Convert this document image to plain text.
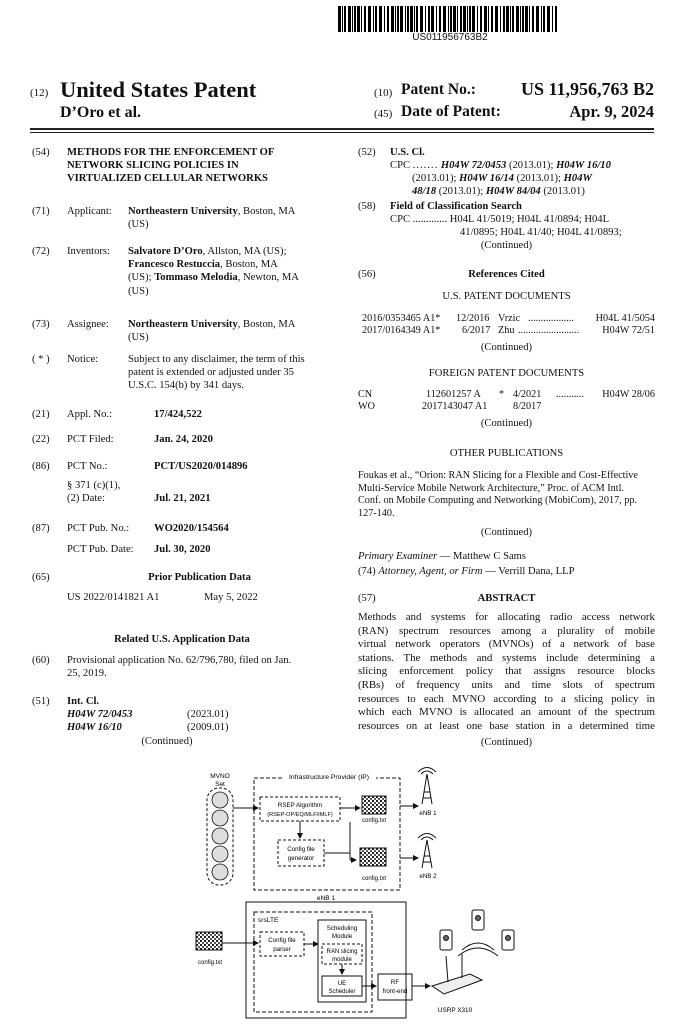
US011956763B2
(12) United States Patent
D’Oro et al.
(10) Patent No.:	US 11,956,763 B2
(45) Date of Patent:	Apr. 9, 2024
(54) METHODS FOR THE ENFORCEMENT OF
NETWORK SLICING POLICIES IN
VIRTUALIZED CELLULAR NETWORKS
(71) Applicant: Northeastern University, Boston, MA
(US)
(72) Inventors: Salvatore D’Oro, Allston, MA (US);
Francesco Restuccia, Boston, MA
(US); Tommaso Melodia, Newton, MA
(US)
(73) Assignee: Northeastern University, Boston, MA
(US)
( * ) Notice:	Subject to any disclaimer, the term of this
patent is extended or adjusted under 35
U.S.C. 154(b) by 341 days.
(21) Appl. No.:	17/424,522
(22) PCT Filed:	Jan. 24, 2020
(86) PCT No.:	PCT/US2020/014896
§ 371 (c)(1),
(2) Date:	Jul. 21, 2021
(87) PCT Pub. No.: WO2020/154564
PCT Pub. Date: Jul. 30, 2020
(65)	Prior Publication Data
US 2022/0141821 A1	May 5, 2022
Related U.S. Application Data
(60) Provisional application No. 62/796,780, filed on Jan.
25, 2019.
(51) Int. Cl.
H04W 72/0453	(2023.01)
H04W 16/10	(2009.01)
(Continued)
(52) U.S. Cl.
CPC ....... H04W 72/0453 (2013.01); H04W 16/10
(2013.01); H04W 16/14 (2013.01); H04W
48/18 (2013.01); H04W 84/04 (2013.01)
(58) Field of Classification Search
CPC ............. H04L 41/5019; H04L 41/0894; H04L
41/0895; H04L 41/40; H04L 41/0893;
(Continued)
(56)	References Cited
U.S. PATENT DOCUMENTS
2016/0353465 A1* 12/2016 Vrzic .................. H04L 41/5054
2017/0164349 A1* 6/2017 Zhu ........................ H04W 72/51
(Continued)
FOREIGN PATENT DOCUMENTS
CN	112601257 A * 4/2021 ........... H04W 28/06
WO	2017143047 A1	8/2017
(Continued)
OTHER PUBLICATIONS
Foukas et al., “Orion: RAN Slicing for a Flexible and Cost-Effective
Multi-Service Mobile Network Architecture,” Proc. of ACM Intl.
Conf. on Mobile Computing and Networking (MobiCom), 2017, pp.
127-140.
(Continued)
Primary Examiner — Matthew C Sams
(74) Attorney, Agent, or Firm — Verrill Dana, LLP
(57)	ABSTRACT
Methods and systems for allocating radio access network
(RAN) spectrum resources among a plurality of mobile
virtual network operators (MVNOs) of a network of base
stations. The methods and systems include determining a
slicing enforcement policy that assigns resource blocks
(RBs) of frequency units and time slots of spectrum
resources to each MVNO according to a slicing policy in
which each MVNO is allocated an amount of the spectrum
resources on at least one base station in a determined time
(Continued)
MVNO
Set
Infrastructure Provider (IP)
RSEP Algorithm
(RSEP-OP/EQ/MLF/IMLF)
config.txt
Config file
generator
config.txt
eNB 1
eNB 2
eNB 1
srsLTE
config.txt
Config file
parser
Scheduling
Module
RAN slicing
module
UE
Scheduler
RF
front-end
USRP X310
